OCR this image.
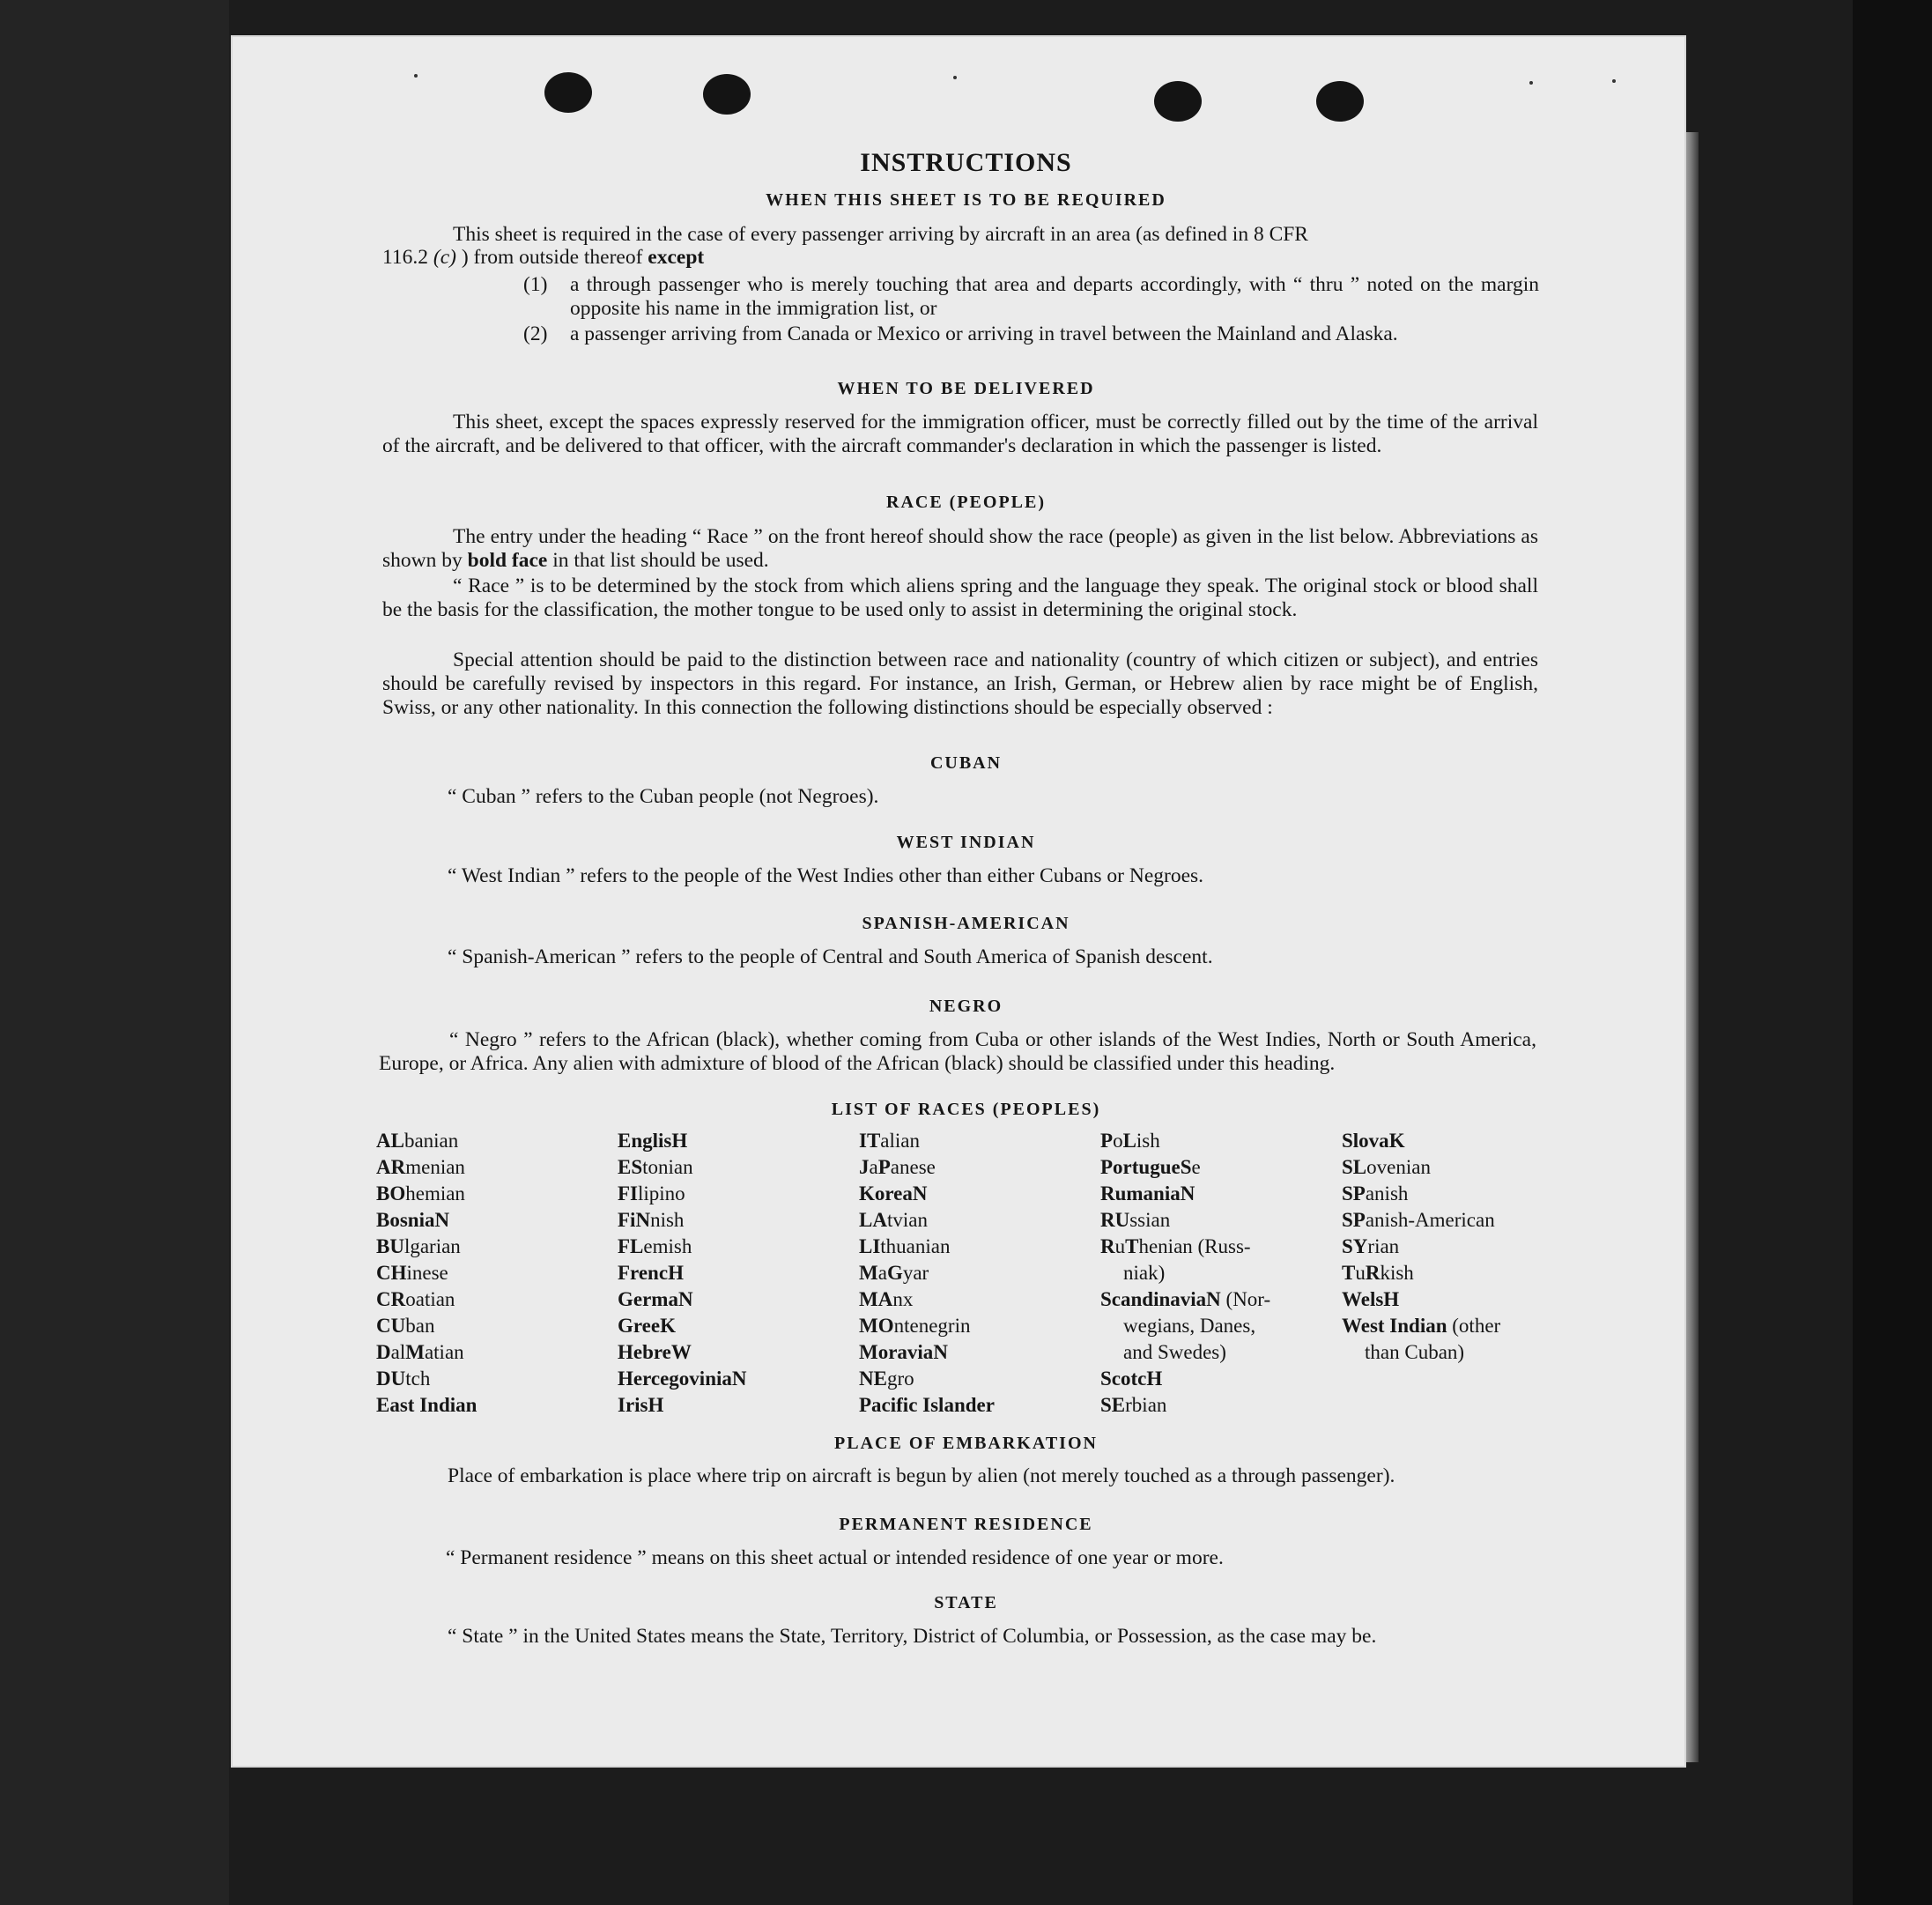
INSTRUCTIONS
WHEN THIS SHEET IS TO BE REQUIRED
This sheet is required in the case of every passenger arriving by aircraft in an area (as defined in 8 CFR
116.2 (c) ) from outside thereof except
(1) a through passenger who is merely touching that area and departs accordingly, with “ thru ” noted on the margin opposite his name in the immigration list, or
(2) a passenger arriving from Canada or Mexico or arriving in travel between the Mainland and Alaska.
WHEN TO BE DELIVERED
This sheet, except the spaces expressly reserved for the immigration officer, must be correctly filled out by the time of the arrival of the aircraft, and be delivered to that officer, with the aircraft commander's declaration in which the passenger is listed.
RACE (PEOPLE)
The entry under the heading “ Race ” on the front hereof should show the race (people) as given in the list below. Abbreviations as shown by bold face in that list should be used.
“ Race ” is to be determined by the stock from which aliens spring and the language they speak. The original stock or blood shall be the basis for the classification, the mother tongue to be used only to assist in determining the original stock.
Special attention should be paid to the distinction between race and nationality (country of which citizen or subject), and entries should be carefully revised by inspectors in this regard. For instance, an Irish, German, or Hebrew alien by race might be of English, Swiss, or any other nationality. In this connection the following distinctions should be especially observed :
CUBAN
“ Cuban ” refers to the Cuban people (not Negroes).
WEST INDIAN
“ West Indian ” refers to the people of the West Indies other than either Cubans or Negroes.
SPANISH-AMERICAN
“ Spanish-American ” refers to the people of Central and South America of Spanish descent.
NEGRO
“ Negro ” refers to the African (black), whether coming from Cuba or other islands of the West Indies, North or South America, Europe, or Africa. Any alien with admixture of blood of the African (black) should be classified under this heading.
LIST OF RACES (PEOPLES)
ALbanian
ARmenian
BOhemian
BosniaN
BUlgarian
CHinese
CRoatian
CUban
DalMatian
DUtch
East Indian
EnglisH
EStonian
FIlipino
FiNnish
FLemish
FrencH
GermaN
GreeK
HebreW
HercegoviniaN
IrisH
ITalian
JaPanese
KoreaN
LAtvian
LIthuanian
MaGyar
MAnx
MOntenegrin
MoraviaN
NEgro
Pacific Islander
PoLish
PortugueSe
RumaniaN
RUssian
RuThenian (Russ-
niak)
ScandinaviaN (Nor-
wegians, Danes,
and Swedes)
ScotcH
SErbian
SlovaK
SLovenian
SPanish
SPanish-American
SYrian
TuRkish
WelsH
West Indian (other
than Cuban)
PLACE OF EMBARKATION
Place of embarkation is place where trip on aircraft is begun by alien (not merely touched as a through passenger).
PERMANENT RESIDENCE
“ Permanent residence ” means on this sheet actual or intended residence of one year or more.
STATE
“ State ” in the United States means the State, Territory, District of Columbia, or Possession, as the case may be.
